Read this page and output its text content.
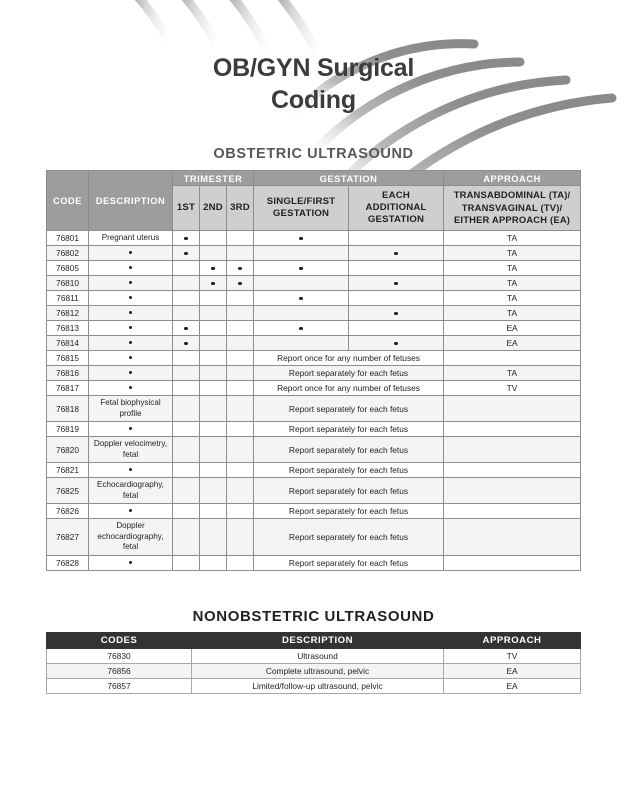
OB/GYN Surgical
Coding
OBSTETRIC ULTRASOUND
CODE	DESCRIPTION	TRIMESTER			GESTATION		APPROACH
		1ST	2ND	3RD	SINGLE/FIRST GESTATION	EACH ADDITIONAL GESTATION	TRANSABDOMINAL (TA)/ TRANSVAGINAL (TV)/ EITHER APPROACH (EA)
76801	Pregnant uterus						TA
76802							TA
76805							TA
76810							TA
76811							TA
76812							TA
76813							EA
76814							EA
76815					Report once for any number of fetuses		
76816					Report separately for each fetus		TA
76817					Report once for any number of fetuses		TV
76818	Fetal biophysical
profile				Report separately for each fetus		
76819					Report separately for each fetus		
76820	Doppler velocimetry,
fetal				Report separately for each fetus		
76821					Report separately for each fetus		
76825	Echocardiography,
fetal				Report separately for each fetus		
76826					Report separately for each fetus		
76827	Doppler
echocardiography,
fetal				Report separately for each fetus		
76828					Report separately for each fetus		
NONOBSTETRIC ULTRASOUND
CODES	DESCRIPTION	APPROACH
76830	Ultrasound	TV
76856	Complete ultrasound, pelvic	EA
76857	Limited/follow-up ultrasound, pelvic	EA
